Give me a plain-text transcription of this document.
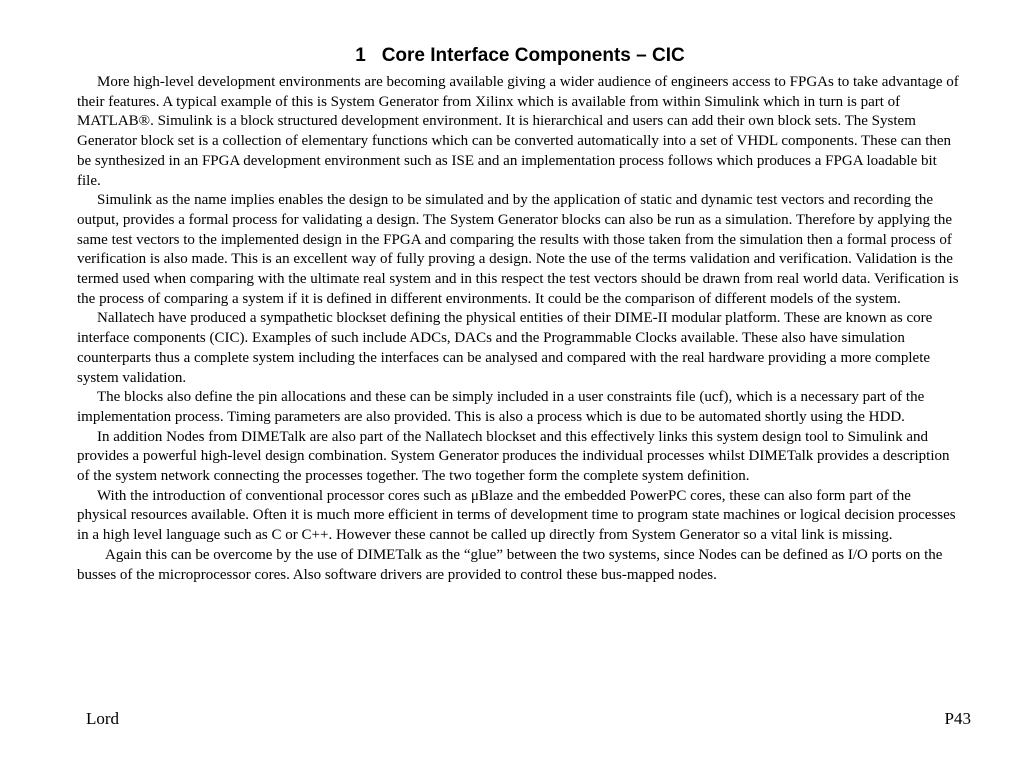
1   Core Interface Components – CIC

More high-level development environments are becoming available giving a wider audience of engineers access to FPGAs to take advantage of their features. A typical example of this is System Generator from Xilinx which is available from within Simulink which in turn is part of MATLAB®. Simulink is a block structured development environment. It is hierarchical and users can add their own block sets. The System Generator block set is a collection of elementary functions which can be converted automatically into a set of VHDL components. These can then be synthesized in an FPGA development environment such as ISE and an implementation process follows which produces a FPGA loadable bit file.

Simulink as the name implies enables the design to be simulated and by the application of static and dynamic test vectors and recording the output, provides a formal process for validating a design. The System Generator blocks can also be run as a simulation. Therefore by applying the same test vectors to the implemented design in the FPGA and comparing the results with those taken from the simulation then a formal process of verification is also made. This is an excellent way of fully proving a design. Note the use of the terms validation and verification. Validation is the termed used when comparing with the ultimate real system and in this respect the test vectors should be drawn from real world data. Verification is the process of comparing a system if it is defined in different environments. It could be the comparison of different models of the system.

Nallatech have produced a sympathetic blockset defining the physical entities of their DIME-II modular platform. These are known as core interface components (CIC). Examples of such include ADCs, DACs and the Programmable Clocks available. These also have simulation counterparts thus a complete system including the interfaces can be analysed and compared with the real hardware providing a more complete system validation.

The blocks also define the pin allocations and these can be simply included in a user constraints file (ucf), which is a necessary part of the implementation process. Timing parameters are also provided. This is also a process which is due to be automated shortly using the HDD.

In addition Nodes from DIMETalk are also part of the Nallatech blockset and this effectively links this system design tool to Simulink and provides a powerful high-level design combination. System Generator produces the individual processes whilst DIMETalk provides a description of the system network connecting the processes together. The two together form the complete system definition.

With the introduction of conventional processor cores such as μBlaze and the embedded PowerPC cores, these can also form part of the physical resources available. Often it is much more efficient in terms of development time to program state machines or logical decision processes in a high level language such as C or C++. However these cannot be called up directly from System Generator so a vital link is missing.

Again this can be overcome by the use of DIMETalk as the “glue” between the two systems, since Nodes can be defined as I/O ports on the busses of the microprocessor cores. Also software drivers are provided to control these bus-mapped nodes.

Lord	P43
